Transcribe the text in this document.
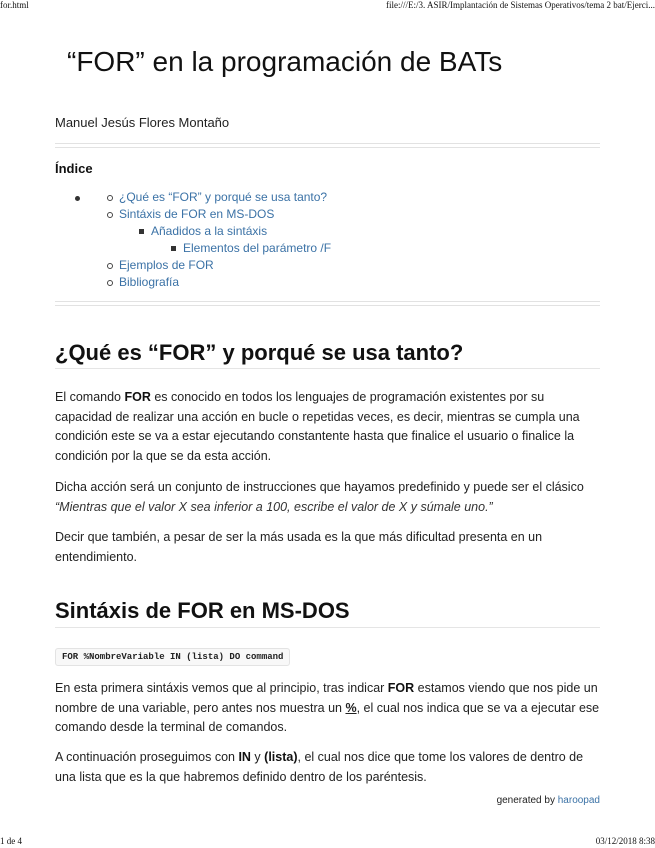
for.html	file:///E:/3. ASIR/Implantación de Sistemas Operativos/tema 2 bat/Ejerci...
“FOR” en la programación de BATs
Manuel Jesús Flores Montaño
Índice
¿Qué es “FOR” y porqué se usa tanto?
Sintáxis de FOR en MS-DOS
Añadidos a la sintáxis
Elementos del parámetro /F
Ejemplos de FOR
Bibliografía
¿Qué es “FOR” y porqué se usa tanto?

El comando FOR es conocido en todos los lenguajes de programación existentes por su capacidad de realizar una acción en bucle o repetidas veces, es decir, mientras se cumpla una condición este se va a estar ejecutando constantente hasta que finalice el usuario o finalice la condición por la que se da esta acción.

Dicha acción será un conjunto de instrucciones que hayamos predefinido y puede ser el clásico “Mientras que el valor X sea inferior a 100, escribe el valor de X y súmale uno.”

Decir que también, a pesar de ser la más usada es la que más dificultad presenta en un entendimiento.

Sintáxis de FOR en MS-DOS
FOR %NombreVariable IN (lista) DO command

En esta primera sintáxis vemos que al principio, tras indicar FOR estamos viendo que nos pide un nombre de una variable, pero antes nos muestra un %, el cual nos indica que se va a ejecutar ese comando desde la terminal de comandos.

A continuación proseguimos con IN y (lista), el cual nos dice que tome los valores de dentro de una lista que es la que habremos definido dentro de los paréntesis.

generated by haroopad
1 de 4	03/12/2018 8:38
